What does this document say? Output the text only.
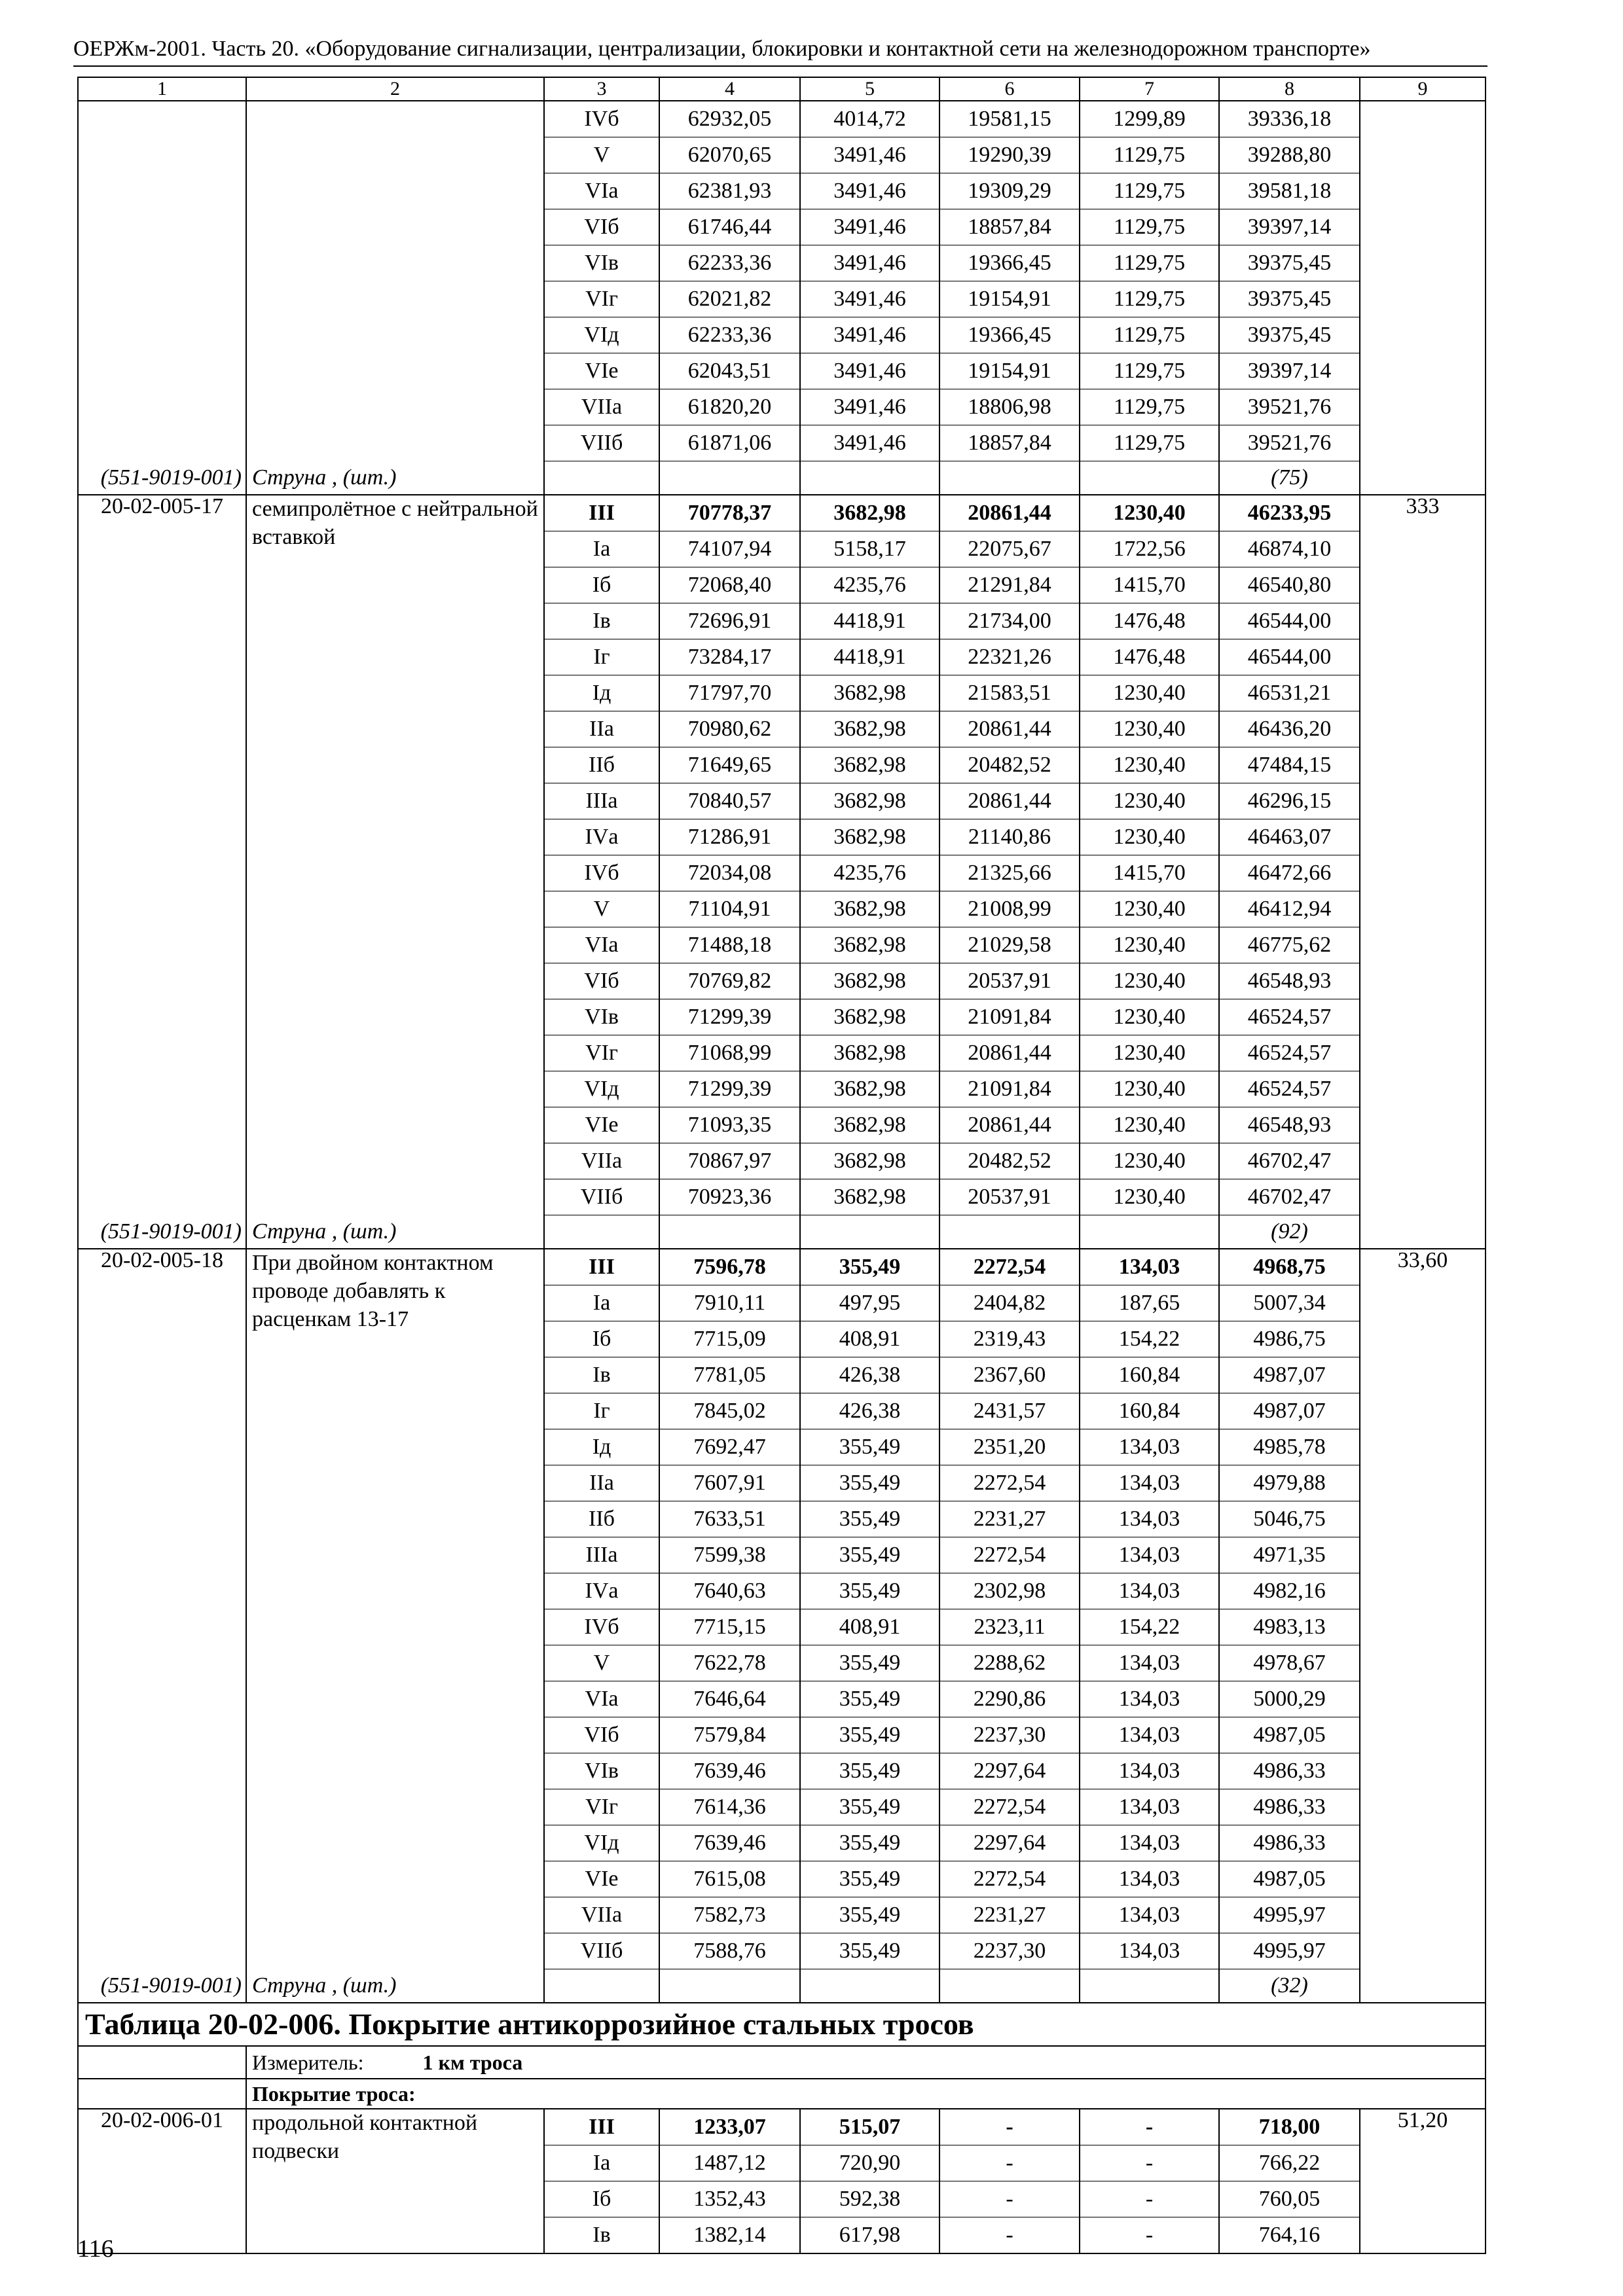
ОЕРЖм-2001. Часть 20. «Оборудование сигнализации, централизации, блокировки и контактной сети на железнодорожном транспорте»
1	2	3	4	5	6	7	8	9
		IVб	62932,05	4014,72	19581,15	1299,89	39336,18	
		V	62070,65	3491,46	19290,39	1129,75	39288,80	
		VIа	62381,93	3491,46	19309,29	1129,75	39581,18	
		VIб	61746,44	3491,46	18857,84	1129,75	39397,14	
		VIв	62233,36	3491,46	19366,45	1129,75	39375,45	
		VIг	62021,82	3491,46	19154,91	1129,75	39375,45	
		VIд	62233,36	3491,46	19366,45	1129,75	39375,45	
		VIе	62043,51	3491,46	19154,91	1129,75	39397,14	
		VIIа	61820,20	3491,46	18806,98	1129,75	39521,76	
		VIIб	61871,06	3491,46	18857,84	1129,75	39521,76	
(551-9019-001)	Струна , (шт.)						(75)	
20-02-005-17	семипролётное с нейтральной вставкой	III	70778,37	3682,98	20861,44	1230,40	46233,95	333
		Iа	74107,94	5158,17	22075,67	1722,56	46874,10	
		Iб	72068,40	4235,76	21291,84	1415,70	46540,80	
		Iв	72696,91	4418,91	21734,00	1476,48	46544,00	
		Iг	73284,17	4418,91	22321,26	1476,48	46544,00	
		Iд	71797,70	3682,98	21583,51	1230,40	46531,21	
		IIа	70980,62	3682,98	20861,44	1230,40	46436,20	
		IIб	71649,65	3682,98	20482,52	1230,40	47484,15	
		IIIа	70840,57	3682,98	20861,44	1230,40	46296,15	
		IVа	71286,91	3682,98	21140,86	1230,40	46463,07	
		IVб	72034,08	4235,76	21325,66	1415,70	46472,66	
		V	71104,91	3682,98	21008,99	1230,40	46412,94	
		VIа	71488,18	3682,98	21029,58	1230,40	46775,62	
		VIб	70769,82	3682,98	20537,91	1230,40	46548,93	
		VIв	71299,39	3682,98	21091,84	1230,40	46524,57	
		VIг	71068,99	3682,98	20861,44	1230,40	46524,57	
		VIд	71299,39	3682,98	21091,84	1230,40	46524,57	
		VIе	71093,35	3682,98	20861,44	1230,40	46548,93	
		VIIа	70867,97	3682,98	20482,52	1230,40	46702,47	
		VIIб	70923,36	3682,98	20537,91	1230,40	46702,47	
(551-9019-001)	Струна , (шт.)						(92)	
20-02-005-18	При двойном контактном проводе добавлять к расценкам 13-17	III	7596,78	355,49	2272,54	134,03	4968,75	33,60
		Iа	7910,11	497,95	2404,82	187,65	5007,34	
		Iб	7715,09	408,91	2319,43	154,22	4986,75	
		Iв	7781,05	426,38	2367,60	160,84	4987,07	
		Iг	7845,02	426,38	2431,57	160,84	4987,07	
		Iд	7692,47	355,49	2351,20	134,03	4985,78	
		IIа	7607,91	355,49	2272,54	134,03	4979,88	
		IIб	7633,51	355,49	2231,27	134,03	5046,75	
		IIIа	7599,38	355,49	2272,54	134,03	4971,35	
		IVа	7640,63	355,49	2302,98	134,03	4982,16	
		IVб	7715,15	408,91	2323,11	154,22	4983,13	
		V	7622,78	355,49	2288,62	134,03	4978,67	
		VIа	7646,64	355,49	2290,86	134,03	5000,29	
		VIб	7579,84	355,49	2237,30	134,03	4987,05	
		VIв	7639,46	355,49	2297,64	134,03	4986,33	
		VIг	7614,36	355,49	2272,54	134,03	4986,33	
		VIд	7639,46	355,49	2297,64	134,03	4986,33	
		VIе	7615,08	355,49	2272,54	134,03	4987,05	
		VIIа	7582,73	355,49	2231,27	134,03	4995,97	
		VIIб	7588,76	355,49	2237,30	134,03	4995,97	
(551-9019-001)	Струна , (шт.)						(32)	
Таблица 20-02-006. Покрытие антикоррозийное стальных тросов								
	Измеритель: 1 км троса							
	Покрытие троса:							
20-02-006-01	продольной контактной подвески	III	1233,07	515,07	-	-	718,00	51,20
		Iа	1487,12	720,90	-	-	766,22	
		Iб	1352,43	592,38	-	-	760,05	
		Iв	1382,14	617,98	-	-	764,16	
116
